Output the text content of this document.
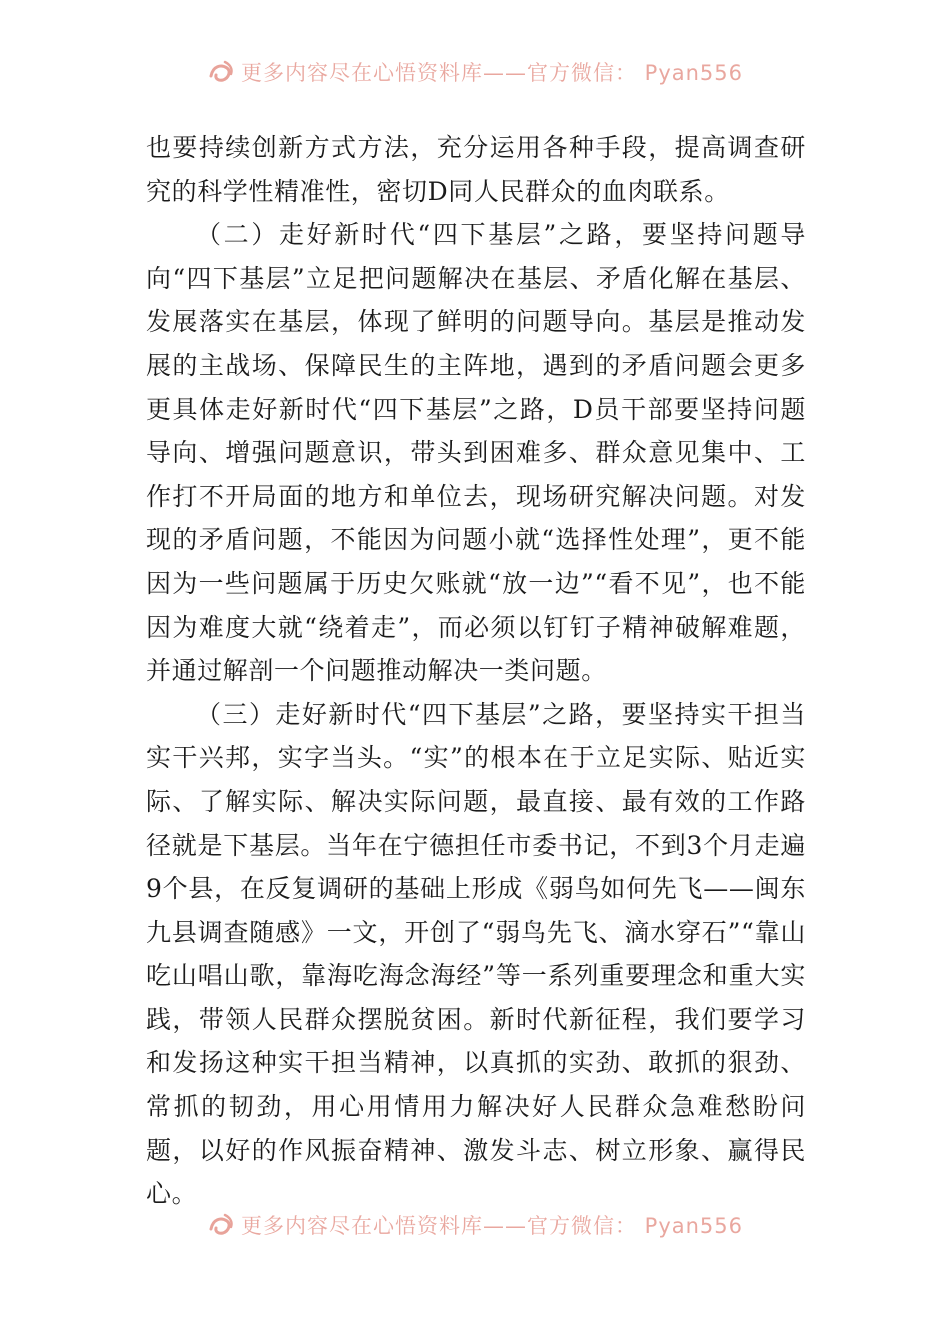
更多内容尽在心悟资料库——官方微信： Pyan556

也要持续创新方式方法，充分运用各种手段，提高调查研究的科学性精准性，密切D同人民群众的血肉联系。

（二）走好新时代“四下基层”之路，要坚持问题导向“四下基层”立足把问题解决在基层、矛盾化解在基层、发展落实在基层，体现了鲜明的问题导向。基层是推动发展的主战场、保障民生的主阵地，遇到的矛盾问题会更多更具体走好新时代“四下基层”之路，D员干部要坚持问题导向、增强问题意识，带头到困难多、群众意见集中、工作打不开局面的地方和单位去，现场研究解决问题。对发现的矛盾问题，不能因为问题小就“选择性处理”，更不能因为一些问题属于历史欠账就“放一边”“看不见”，也不能因为难度大就“绕着走”，而必须以钉钉子精神破解难题，并通过解剖一个问题推动解决一类问题。

（三）走好新时代“四下基层”之路，要坚持实干担当实干兴邦，实字当头。“实”的根本在于立足实际、贴近实际、了解实际、解决实际问题，最直接、最有效的工作路径就是下基层。当年在宁德担任市委书记，不到3个月走遍9个县，在反复调研的基础上形成《弱鸟如何先飞——闽东九县调查随感》一文，开创了“弱鸟先飞、滴水穿石”“靠山吃山唱山歌，靠海吃海念海经”等一系列重要理念和重大实践，带领人民群众摆脱贫困。新时代新征程，我们要学习和发扬这种实干担当精神，以真抓的实劲、敢抓的狠劲、常抓的韧劲，用心用情用力解决好人民群众急难愁盼问题，以好的作风振奋精神、激发斗志、树立形象、赢得民心。

更多内容尽在心悟资料库——官方微信： Pyan556
